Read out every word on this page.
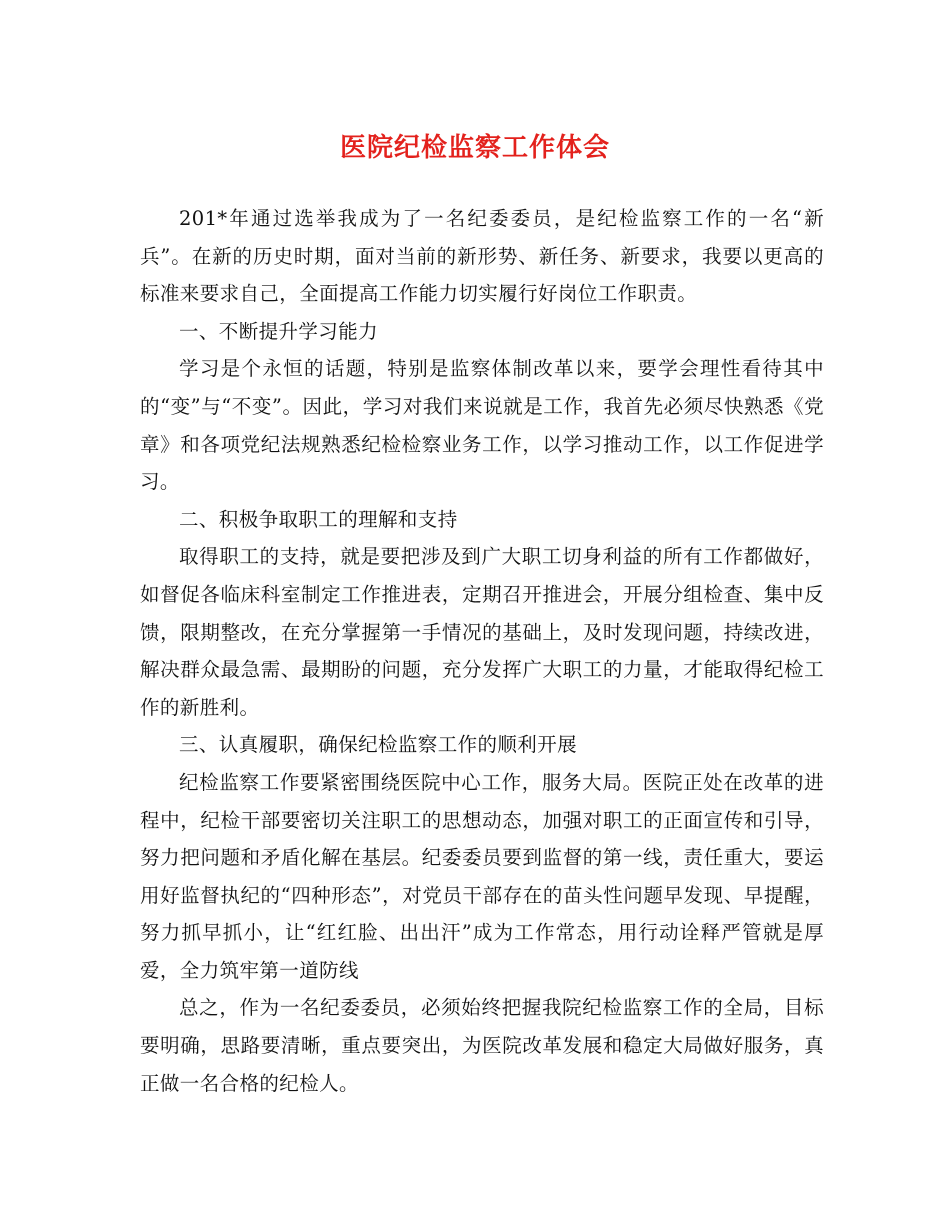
医院纪检监察工作体会

201*年通过选举我成为了一名纪委委员，是纪检监察工作的一名“新兵”。在新的历史时期，面对当前的新形势、新任务、新要求，我要以更高的标准来要求自己，全面提高工作能力切实履行好岗位工作职责。

一、不断提升学习能力

学习是个永恒的话题，特别是监察体制改革以来，要学会理性看待其中的“变”与“不变”。因此，学习对我们来说就是工作，我首先必须尽快熟悉《党章》和各项党纪法规熟悉纪检检察业务工作，以学习推动工作，以工作促进学习。

二、积极争取职工的理解和支持

取得职工的支持，就是要把涉及到广大职工切身利益的所有工作都做好，如督促各临床科室制定工作推进表，定期召开推进会，开展分组检查、集中反馈，限期整改，在充分掌握第一手情况的基础上，及时发现问题，持续改进，解决群众最急需、最期盼的问题，充分发挥广大职工的力量，才能取得纪检工作的新胜利。

三、认真履职，确保纪检监察工作的顺利开展

纪检监察工作要紧密围绕医院中心工作，服务大局。医院正处在改革的进程中，纪检干部要密切关注职工的思想动态，加强对职工的正面宣传和引导，努力把问题和矛盾化解在基层。纪委委员要到监督的第一线，责任重大，要运用好监督执纪的“四种形态”，对党员干部存在的苗头性问题早发现、早提醒，努力抓早抓小，让“红红脸、出出汗”成为工作常态，用行动诠释严管就是厚爱，全力筑牢第一道防线

总之，作为一名纪委委员，必须始终把握我院纪检监察工作的全局，目标要明确，思路要清晰，重点要突出，为医院改革发展和稳定大局做好服务，真正做一名合格的纪检人。
